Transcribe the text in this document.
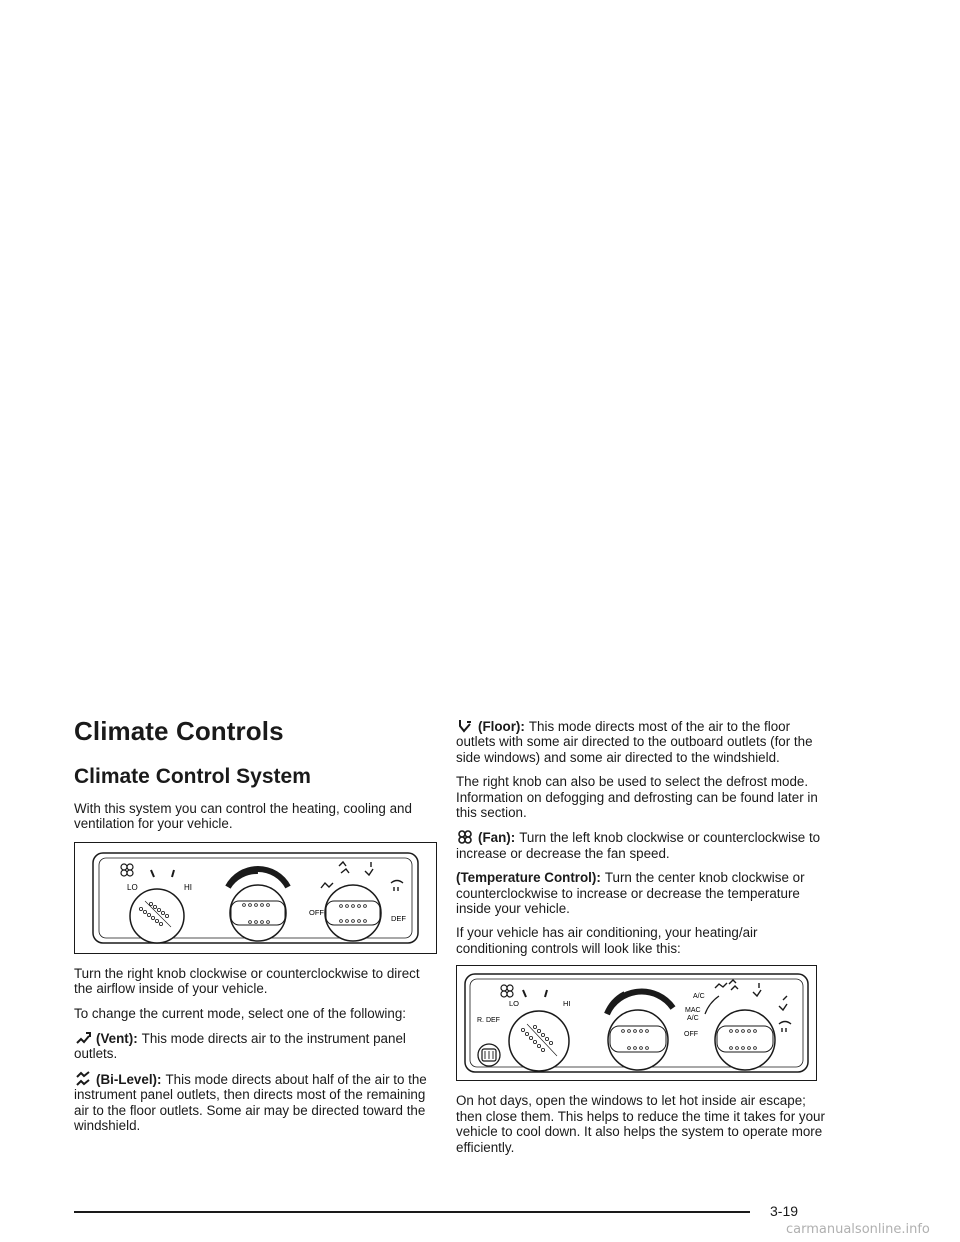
Climate Controls
Climate Control System

With this system you can control the heating, cooling and ventilation for your vehicle.

LO	HI
OFF
DEF

Turn the right knob clockwise or counterclockwise to direct the airflow inside of your vehicle.

To change the current mode, select one of the following:

(Vent): This mode directs air to the instrument panel outlets.

(Bi-Level): This mode directs about half of the air to the instrument panel outlets, then directs most of the remaining air to the floor outlets. Some air may be directed toward the windshield.

(Floor): This mode directs most of the air to the floor outlets with some air directed to the outboard outlets (for the side windows) and some air directed to the windshield.

The right knob can also be used to select the defrost mode. Information on defogging and defrosting can be found later in this section.

(Fan): Turn the left knob clockwise or counterclockwise to increase or decrease the fan speed.

(Temperature Control): Turn the center knob clockwise or counterclockwise to increase or decrease the temperature inside your vehicle.

If your vehicle has air conditioning, your heating/air conditioning controls will look like this:

LO	HI
R. DEF
A/C
MAC
A/C
OFF

On hot days, open the windows to let hot inside air escape; then close them. This helps to reduce the time it takes for your vehicle to cool down. It also helps the system to operate more efficiently.

3-19
carmanualsonline.info
